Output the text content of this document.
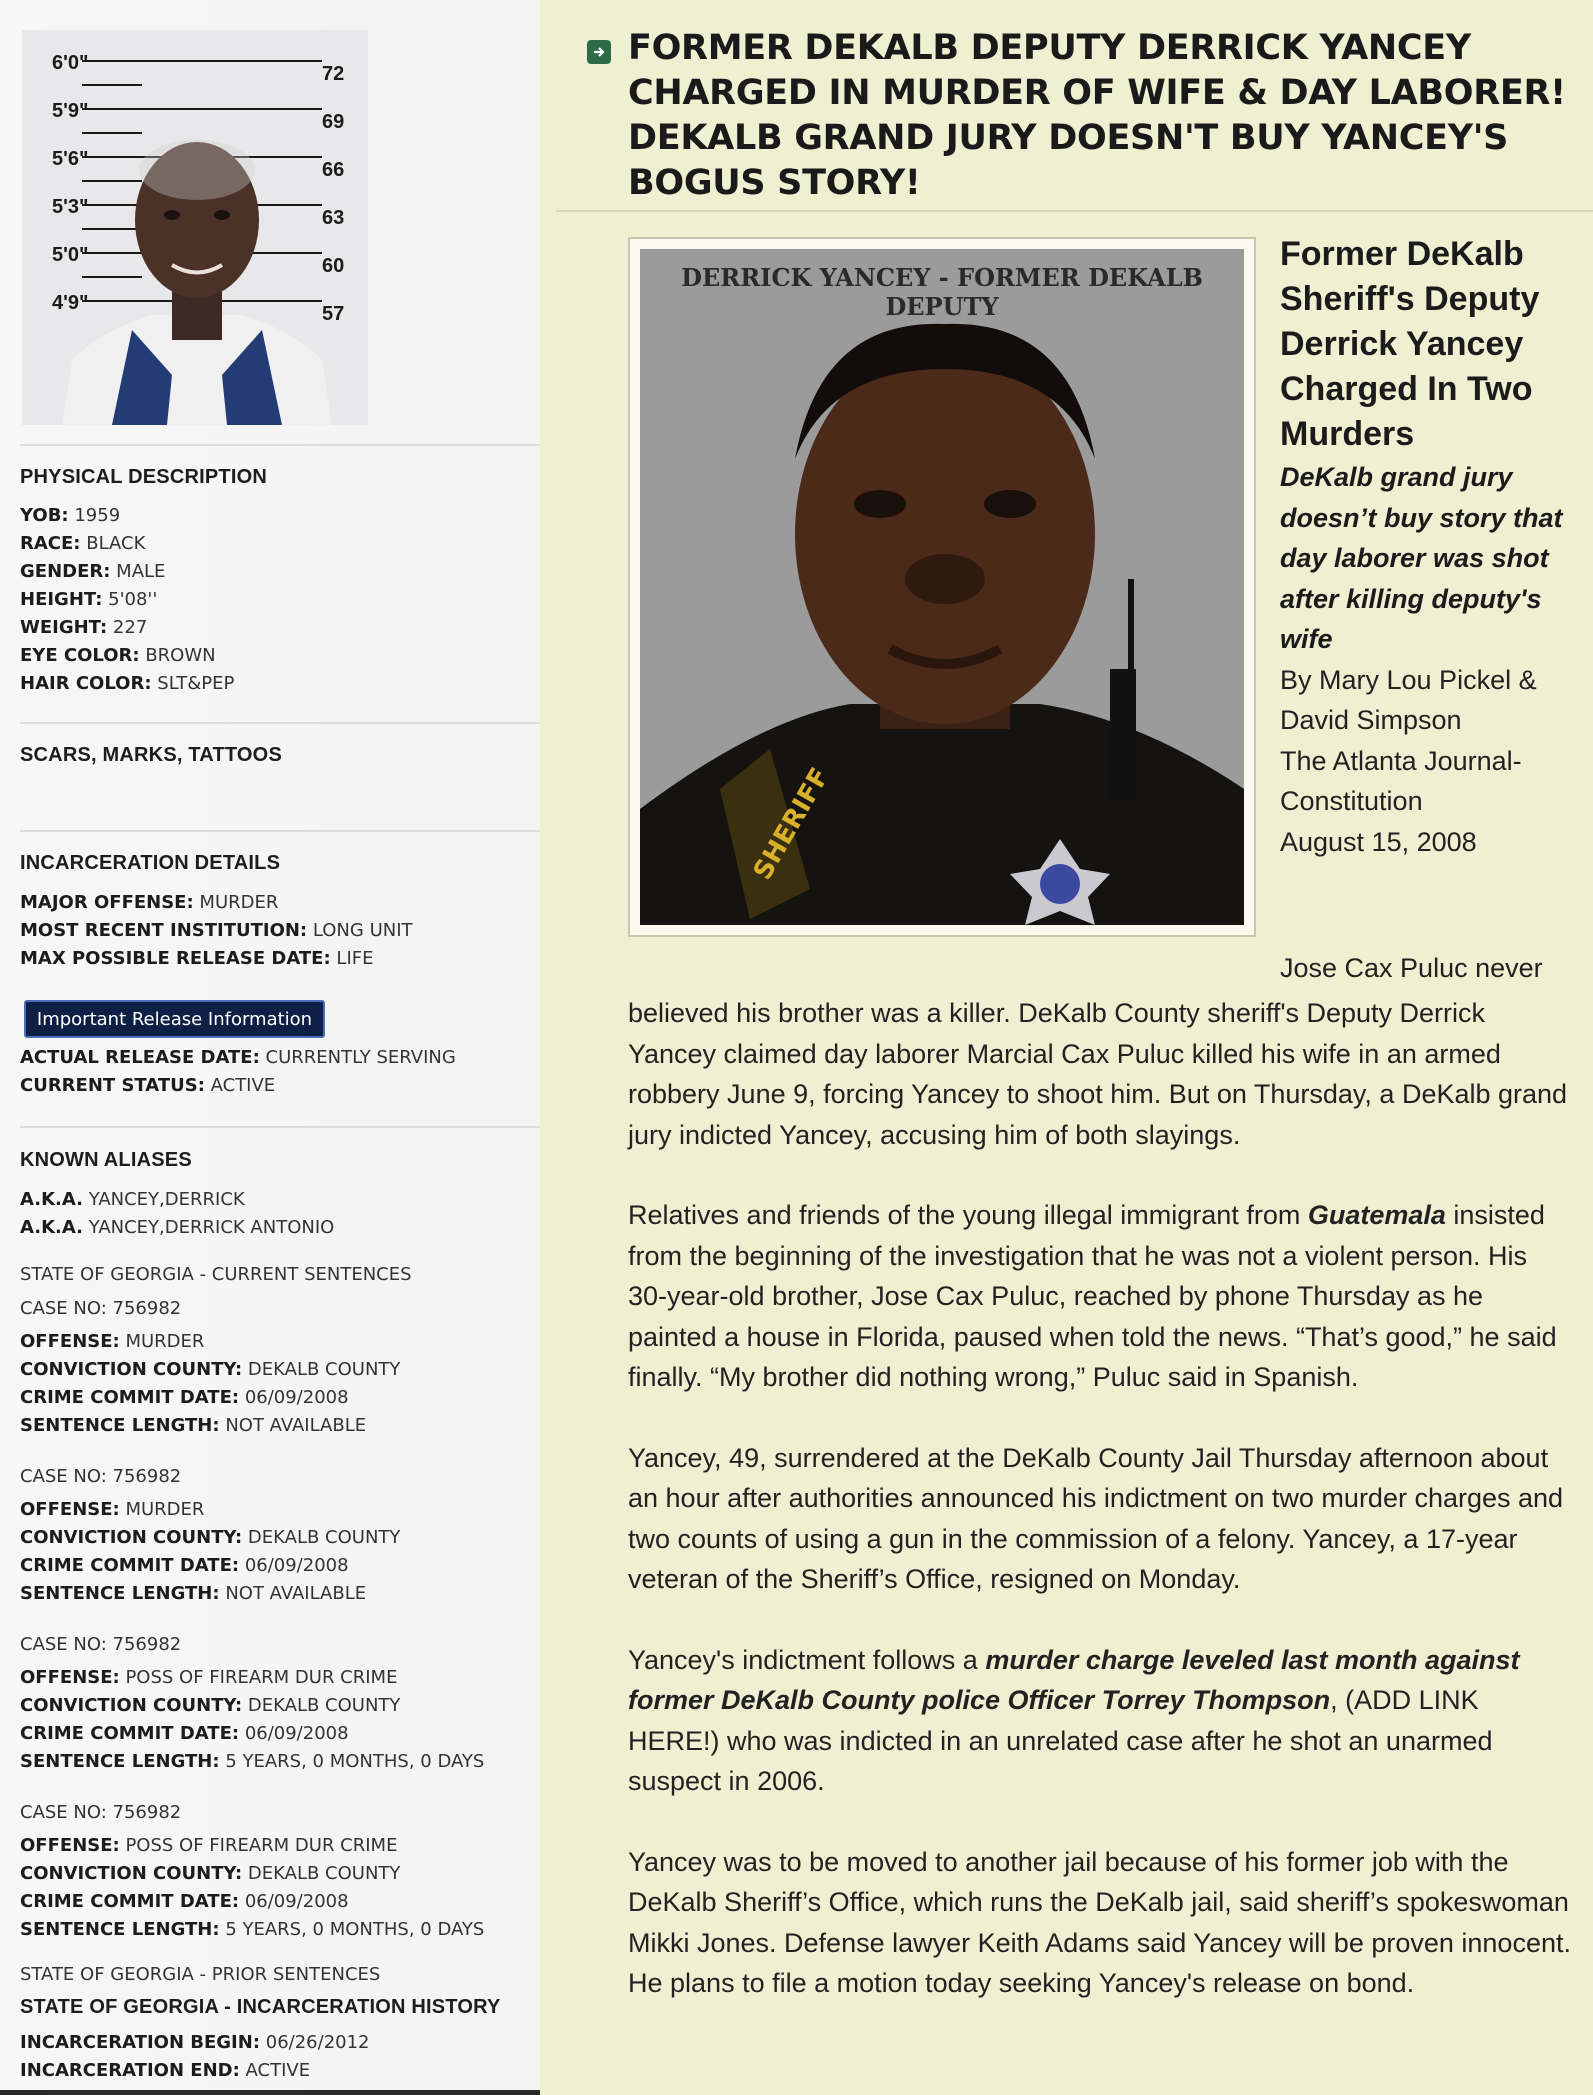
6'0"
5'9"
5'6"
5'3"
5'0"
4'9"
72
69
66
63
60
57
PHYSICAL DESCRIPTION
YOB: 1959
RACE: BLACK
GENDER: MALE
HEIGHT: 5'08''
WEIGHT: 227
EYE COLOR: BROWN
HAIR COLOR: SLT&PEP
SCARS, MARKS, TATTOOS
INCARCERATION DETAILS
MAJOR OFFENSE: MURDER
MOST RECENT INSTITUTION: LONG UNIT
MAX POSSIBLE RELEASE DATE: LIFE
Important Release Information
ACTUAL RELEASE DATE: CURRENTLY SERVING
CURRENT STATUS: ACTIVE
KNOWN ALIASES
A.K.A. YANCEY,DERRICK
A.K.A. YANCEY,DERRICK ANTONIO
STATE OF GEORGIA - CURRENT SENTENCES
CASE NO: 756982
OFFENSE: MURDER
CONVICTION COUNTY: DEKALB COUNTY
CRIME COMMIT DATE: 06/09/2008
SENTENCE LENGTH: NOT AVAILABLE
CASE NO: 756982
OFFENSE: MURDER
CONVICTION COUNTY: DEKALB COUNTY
CRIME COMMIT DATE: 06/09/2008
SENTENCE LENGTH: NOT AVAILABLE
CASE NO: 756982
OFFENSE: POSS OF FIREARM DUR CRIME
CONVICTION COUNTY: DEKALB COUNTY
CRIME COMMIT DATE: 06/09/2008
SENTENCE LENGTH: 5 YEARS, 0 MONTHS, 0 DAYS
CASE NO: 756982
OFFENSE: POSS OF FIREARM DUR CRIME
CONVICTION COUNTY: DEKALB COUNTY
CRIME COMMIT DATE: 06/09/2008
SENTENCE LENGTH: 5 YEARS, 0 MONTHS, 0 DAYS
STATE OF GEORGIA - PRIOR SENTENCES
STATE OF GEORGIA - INCARCERATION HISTORY
INCARCERATION BEGIN: 06/26/2012
INCARCERATION END: ACTIVE
FORMER DEKALB DEPUTY DERRICK YANCEY CHARGED IN MURDER OF WIFE & DAY LABORER! DEKALB GRAND JURY DOESN'T BUY YANCEY'S BOGUS STORY!
DERRICK YANCEY - FORMER DEKALB DEPUTY
SHERIFF

Former DeKalb Sheriff's Deputy Derrick Yancey Charged In Two Murders

DeKalb grand jury doesn’t buy story that day laborer was shot after killing deputy's wife

By Mary Lou Pickel & David Simpson

The Atlanta Journal-Constitution

August 15, 2008

Jose Cax Puluc never

believed his brother was a killer. DeKalb County sheriff's Deputy Derrick Yancey claimed day laborer Marcial Cax Puluc killed his wife in an armed robbery June 9, forcing Yancey to shoot him. But on Thursday, a DeKalb grand jury indicted Yancey, accusing him of both slayings.

Relatives and friends of the young illegal immigrant from Guatemala insisted from the beginning of the investigation that he was not a violent person. His 30-year-old brother, Jose Cax Puluc, reached by phone Thursday as he painted a house in Florida, paused when told the news. “That’s good,” he said finally. “My brother did nothing wrong,” Puluc said in Spanish.

Yancey, 49, surrendered at the DeKalb County Jail Thursday afternoon about an hour after authorities announced his indictment on two murder charges and two counts of using a gun in the commission of a felony. Yancey, a 17-year veteran of the Sheriff’s Office, resigned on Monday.

Yancey's indictment follows a murder charge leveled last month against former DeKalb County police Officer Torrey Thompson, (ADD LINK HERE!) who was indicted in an unrelated case after he shot an unarmed suspect in 2006.

Yancey was to be moved to another jail because of his former job with the DeKalb Sheriff’s Office, which runs the DeKalb jail, said sheriff’s spokeswoman Mikki Jones. Defense lawyer Keith Adams said Yancey will be proven innocent. He plans to file a motion today seeking Yancey's release on bond.
